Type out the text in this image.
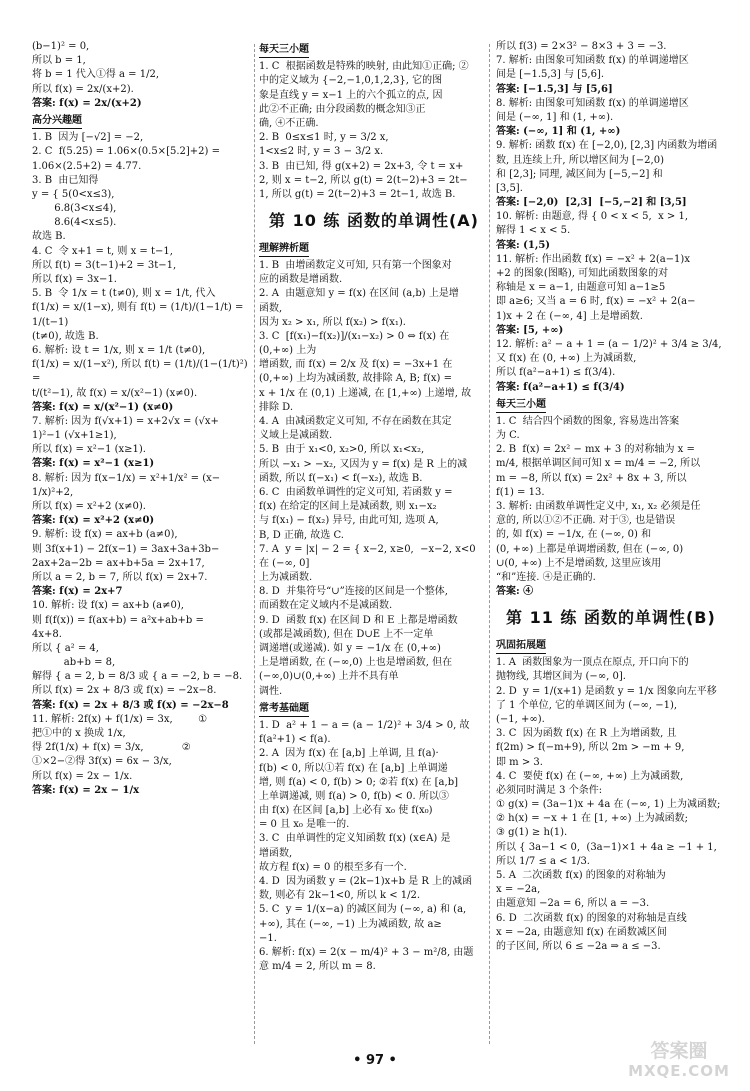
(b−1)² = 0,
所以 b = 1,
将 b = 1 代入①得 a = 1/2,
所以 f(x) = 2x/(x+2).
答案: f(x) = 2x/(x+2)
高分兴趣题
1. B  因为 [−√2] = −2,
2. C  f(5.25) = 1.06×(0.5×[5.2]+2) =
1.06×(2.5+2) = 4.77.
3. B  由已知得
y = { 5(0<x≤3),
6.8(3<x≤4),
8.6(4<x≤5).
故选 B.
4. C  令 x+1 = t, 则 x = t−1,
所以 f(t) = 3(t−1)+2 = 3t−1,
所以 f(x) = 3x−1.
5. B  令 1/x = t (t≠0), 则 x = 1/t, 代入
f(1/x) = x/(1−x), 则有 f(t) = (1/t)/(1−1/t) = 1/(t−1)
(t≠0), 故选 B.
6. 解析: 设 t = 1/x, 则 x = 1/t (t≠0),
f(1/x) = x/(1−x²), 所以 f(t) = (1/t)/(1−(1/t)²) =
t/(t²−1), 故 f(x) = x/(x²−1) (x≠0).
答案: f(x) = x/(x²−1) (x≠0)
7. 解析: 因为 f(√x+1) = x+2√x = (√x+
1)²−1 (√x+1≥1),
所以 f(x) = x²−1 (x≥1).
答案: f(x) = x²−1 (x≥1)
8. 解析: 因为 f(x−1/x) = x²+1/x² = (x−
1/x)²+2,
所以 f(x) = x²+2 (x≠0).
答案: f(x) = x²+2 (x≠0)
9. 解析: 设 f(x) = ax+b (a≠0),
则 3f(x+1) − 2f(x−1) = 3ax+3a+3b−
2ax+2a−2b = ax+b+5a = 2x+17,
所以 a = 2, b = 7, 所以 f(x) = 2x+7.
答案: f(x) = 2x+7
10. 解析: 设 f(x) = ax+b (a≠0),
则 f(f(x)) = f(ax+b) = a²x+ab+b =
4x+8.
所以 { a² = 4,
ab+b = 8,
解得 { a = 2, b = 8/3 或 { a = −2, b = −8.
所以 f(x) = 2x + 8/3 或 f(x) = −2x−8.
答案: f(x) = 2x + 8/3 或 f(x) = −2x−8
11. 解析: 2f(x) + f(1/x) = 3x,        ①
把①中的 x 换成 1/x,
得 2f(1/x) + f(x) = 3/x,            ②
①×2−②得 3f(x) = 6x − 3/x,
所以 f(x) = 2x − 1/x.
答案: f(x) = 2x − 1/x
每天三小题
1. C  根据函数是特殊的映射, 由此知①正确; ②
中的定义域为 {−2,−1,0,1,2,3}, 它的图
象是直线 y = x−1 上的六个孤立的点, 因
此②不正确; 由分段函数的概念知③正
确, ④不正确.
2. B  0≤x≤1 时, y = 3/2 x,
1<x≤2 时, y = 3 − 3/2 x.
3. B  由已知, 得 g(x+2) = 2x+3, 令 t = x+
2, 则 x = t−2, 所以 g(t) = 2(t−2)+3 = 2t−
1, 所以 g(t) = 2(t−2)+3 = 2t−1, 故选 B.
第 10 练 函数的单调性(A)
理解辨析题
1. B  由增函数定义可知, 只有第一个图象对
应的函数是增函数.
2. A  由题意知 y = f(x) 在区间 (a,b) 上是增
函数,
因为 x₂ > x₁, 所以 f(x₂) > f(x₁).
3. C  [f(x₁)−f(x₂)]/(x₁−x₂) > 0 ⇔ f(x) 在 (0,+∞) 上为
增函数, 而 f(x) = 2/x 及 f(x) = −3x+1 在
(0,+∞) 上均为减函数, 故排除 A, B; f(x) =
x + 1/x 在 (0,1) 上递减, 在 [1,+∞) 上递增, 故
排除 D.
4. A  由减函数定义可知, 不存在函数在其定
义域上是减函数.
5. B  由于 x₁<0, x₂>0, 所以 x₁<x₂,
所以 −x₁ > −x₂, 又因为 y = f(x) 是 R 上的减
函数, 所以 f(−x₁) < f(−x₂), 故选 B.
6. C  由函数单调性的定义可知, 若函数 y =
f(x) 在给定的区间上是减函数, 则 x₁−x₂
与 f(x₁) − f(x₂) 异号, 由此可知, 选项 A,
B, D 正确, 故选 C.
7. A  y = |x| − 2 = { x−2, x≥0,  −x−2, x<0  在 (−∞, 0]
上为减函数.
8. D  并集符号“∪”连接的区间是一个整体,
而函数在定义域内不是减函数.
9. D  函数 f(x) 在区间 D 和 E 上都是增函数
(或都是减函数), 但在 D∪E 上不一定单
调递增(或递减). 如 y = −1/x 在 (0,+∞)
上是增函数, 在 (−∞,0) 上也是增函数, 但在
(−∞,0)∪(0,+∞) 上并不具有单
调性.
常考基础题
1. D  a² + 1 − a = (a − 1/2)² + 3/4 > 0, 故
f(a²+1) < f(a).
2. A  因为 f(x) 在 [a,b] 上单调, 且 f(a)·
f(b) < 0, 所以①若 f(x) 在 [a,b] 上单调递
增, 则 f(a) < 0, f(b) > 0; ②若 f(x) 在 [a,b]
上单调递减, 则 f(a) > 0, f(b) < 0. 所以③
由 f(x) 在区间 [a,b] 上必有 x₀ 使 f(x₀)
= 0 且 x₀ 是唯一的.
3. C  由单调性的定义知函数 f(x) (x∈A) 是
增函数,
故方程 f(x) = 0 的根至多有一个.
4. D  因为函数 y = (2k−1)x+b 是 R 上的减函
数, 则必有 2k−1<0, 所以 k < 1/2.
5. C  y = 1/(x−a) 的减区间为 (−∞, a) 和 (a,
+∞), 其在 (−∞, −1) 上为减函数, 故 a≥
−1.
6. 解析: f(x) = 2(x − m/4)² + 3 − m²/8, 由题
意 m/4 = 2, 所以 m = 8.
所以 f(3) = 2×3² − 8×3 + 3 = −3.
7. 解析: 由图象可知函数 f(x) 的单调递增区
间是 [−1.5,3] 与 [5,6].
答案: [−1.5,3] 与 [5,6]
8. 解析: 由图象可知函数 f(x) 的单调递增区
间是 (−∞, 1] 和 (1, +∞).
答案: (−∞, 1] 和 (1, +∞)
9. 解析: 函数 f(x) 在 [−2,0), [2,3] 内函数为增函
数, 且连续上升, 所以增区间为 [−2,0)
和 [2,3]; 同理, 减区间为 [−5,−2] 和
[3,5].
答案: [−2,0)  [2,3]  [−5,−2] 和 [3,5]
10. 解析: 由题意, 得 { 0 < x < 5,  x > 1,
解得 1 < x < 5.
答案: (1,5)
11. 解析: 作出函数 f(x) = −x² + 2(a−1)x
+2 的图象(图略), 可知此函数图象的对
称轴是 x = a−1, 由题意可知 a−1≥5
即 a≥6; 又当 a = 6 时, f(x) = −x² + 2(a−
1)x + 2 在 (−∞, 4] 上是增函数.
答案: [5, +∞)
12. 解析: a² − a + 1 = (a − 1/2)² + 3/4 ≥ 3/4,
又 f(x) 在 (0, +∞) 上为减函数,
所以 f(a²−a+1) ≤ f(3/4).
答案: f(a²−a+1) ≤ f(3/4)
每天三小题
1. C  结合四个函数的图象, 容易选出答案
为 C.
2. B  f(x) = 2x² − mx + 3 的对称轴为 x =
m/4, 根据单调区间可知 x = m/4 = −2, 所以
m = −8, 所以 f(x) = 2x² + 8x + 3, 所以
f(1) = 13.
3. 解析: 由函数单调性定义中, x₁, x₂ 必须是任
意的, 所以①②不正确. 对于③, 也是错误
的, 如 f(x) = −1/x, 在 (−∞, 0) 和
(0, +∞) 上都是单调增函数, 但在 (−∞, 0)
∪(0, +∞) 上不是增函数, 这里应该用
“和”连接. ④是正确的.
答案: ④
第 11 练 函数的单调性(B)
巩固拓展题
1. A  函数图象为一顶点在原点, 开口向下的
抛物线, 其增区间为 (−∞, 0].
2. D  y = 1/(x+1) 是函数 y = 1/x 图象向左平移
了 1 个单位, 它的单调区间为 (−∞, −1),
(−1, +∞).
3. C  因为函数 f(x) 在 R 上为增函数, 且
f(2m) > f(−m+9), 所以 2m > −m + 9,
即 m > 3.
4. C  要使 f(x) 在 (−∞, +∞) 上为减函数,
必须同时满足 3 个条件:
① g(x) = (3a−1)x + 4a 在 (−∞, 1) 上为减函数;
② h(x) = −x + 1 在 [1, +∞) 上为减函数;
③ g(1) ≥ h(1).
所以 { 3a−1 < 0,  (3a−1)×1 + 4a ≥ −1 + 1,
所以 1/7 ≤ a < 1/3.
5. A  二次函数 f(x) 的图象的对称轴为
x = −2a,
由题意知 −2a = 6, 所以 a = −3.
6. D  二次函数 f(x) 的图象的对称轴是直线
x = −2a, 由题意知 f(x) 在函数减区间
的子区间, 所以 6 ≤ −2a ⇒ a ≤ −3.
• 97 •	答案圈
MXQE.COM
